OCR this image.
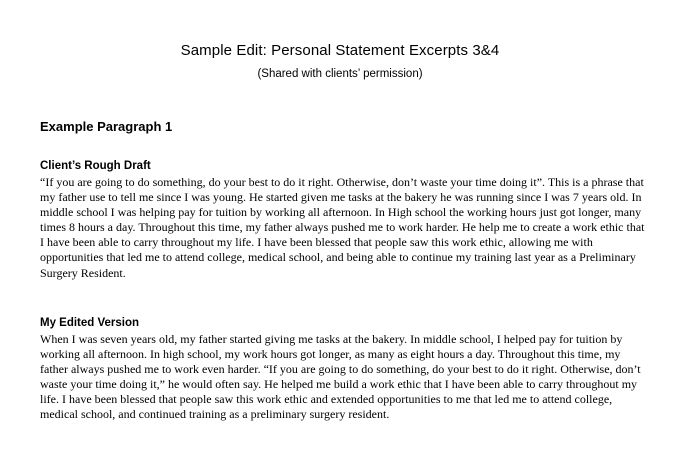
Sample Edit: Personal Statement Excerpts 3&4
(Shared with clients’ permission)
Example Paragraph 1
Client’s Rough Draft

“If you are going to do something, do your best to do it right. Otherwise, don’t waste your time doing it”. This is a phrase that my father use to tell me since I was young. He started given me tasks at the bakery he was running since I was 7 years old. In middle school I was helping pay for tuition by working all afternoon. In High school the working hours just got longer, many times 8 hours a day. Throughout this time, my father always pushed me to work harder. He help me to create a work ethic that I have been able to carry throughout my life. I have been blessed that people saw this work ethic, allowing me with opportunities that led me to attend college, medical school, and being able to continue my training last year as a Preliminary Surgery Resident.

My Edited Version

When I was seven years old, my father started giving me tasks at the bakery. In middle school, I helped pay for tuition by working all afternoon. In high school, my work hours got longer, as many as eight hours a day. Throughout this time, my father always pushed me to work even harder. “If you are going to do something, do your best to do it right. Otherwise, don’t waste your time doing it,” he would often say. He helped me build a work ethic that I have been able to carry throughout my life. I have been blessed that people saw this work ethic and extended opportunities to me that led me to attend college, medical school, and continued training as a preliminary surgery resident.
